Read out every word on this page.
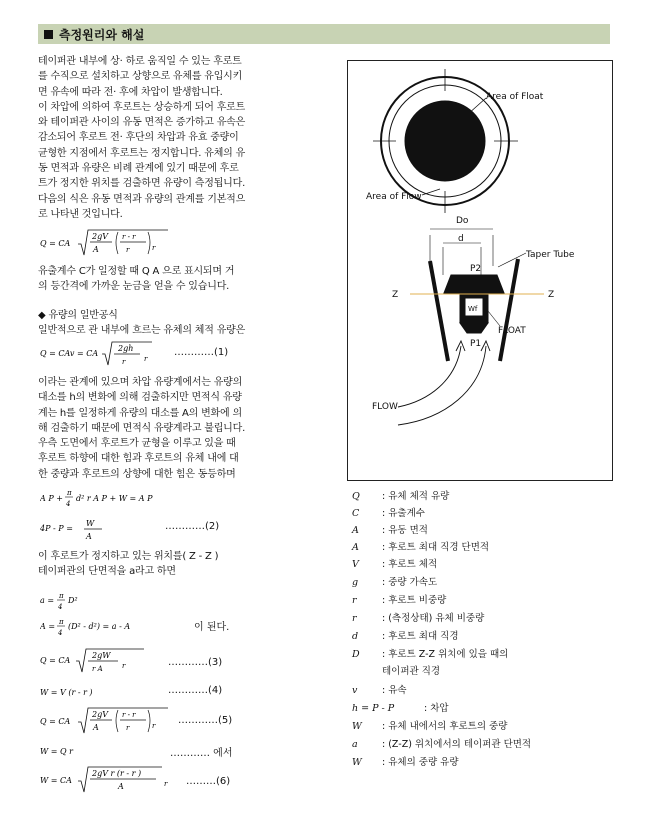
측정원리와 해설
테이퍼관 내부에 상· 하로 움직일 수 있는 후로트
를 수직으로 설치하고 상향으로 유체를 유입시키
면 유속에 따라 전· 후에 차압이 발생합니다.
이 차압에 의하여 후로트는 상승하게 되어 후로트
와 테이퍼관 사이의 유동 면적은 증가하고 유속은
감소되어 후로트 전· 후단의 차압과 유효 중량이
균형한 지점에서 후로트는 정지합니다. 유체의 유
동 면적과 유량은 비례 관계에 있기 때문에 후로
트가 정지한 위치를 검출하면 유량이 측정됩니다.
다음의 식은 유동 면적과 유량의 관계를 기본적으
로 나타낸 것입니다.
Q = CA
2gV
A
r - r
r	r
유출계수 C가 일정할 때 Q A 으로 표시되며 거
의 등간격에 가까운 눈금을 얻을 수 있습니다.
◆ 유량의 일반공식
일반적으로 관 내부에 흐르는 유체의 체적 유량은
Q = CAv = CA
2gh
r	r
…………(1)
이라는 관계에 있으며 차압 유량계에서는 유량의
대소를 h의 변화에 의해 검출하지만 면적식 유량
계는 h를 일정하게 유량의 대소를 A의 변화에 의
해 검출하기 때문에 면적식 유량계라고 불립니다.
우측 도면에서 후로트가 균형을 이루고 있을 때
후로트 하향에 대한 힘과 후로트의 유체 내에 대
한 중량과 후로트의 상향에 대한 힘은 동등하며
A P +
π
4
d² r A P + W = A P
4P - P =
W
A
…………(2)
이 후로트가 정지하고 있는 위치를( Z - Z )
테이퍼관의 단면적을 a라고 하면
a = π
4
D²
A = π
4
(D² - d²) = a - A	이 된다.
Q = CA
2gW
r A	r	…………(3)
W = V (r - r )	…………(4)
Q = CA
2gV
A
r - r
r	r …………(5)
W = Q r	………… 에서
W = CA
2gV r (r - r )
A	r ………(6)
Area of Float
Area of Flow
Do
d
Taper Tube
P2
Z	Z
Wf
FLOAT
P1
FLOW
Q : 유체 체적 유량
C : 유출계수
A : 유동 면적
A : 후로트 최대 직경 단면적
V : 후로트 체적
g	: 중량 가속도
r	: 후로트 비중량
r	: (측정상태) 유체 비중량
d	: 후로트 최대 직경
D : 후로트 Z-Z 위치에 있을 때의
테이퍼관 직경
v	: 유속
h = P - P	: 차압
W : 유체 내에서의 후로트의 중량
a	: (Z-Z) 위치에서의 테이퍼관 단면적
W : 유체의 중량 유량
